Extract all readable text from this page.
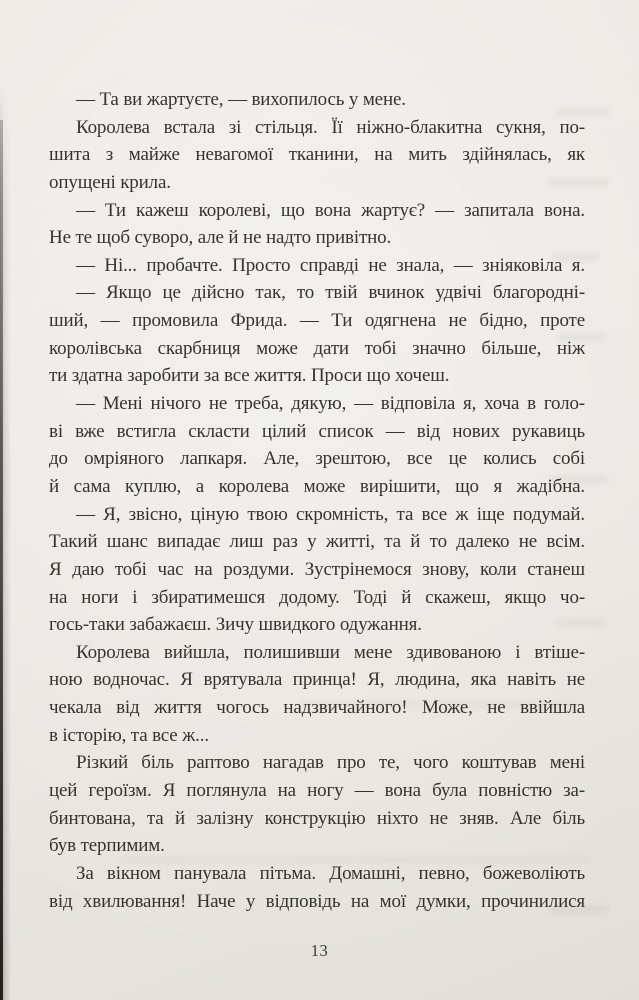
— Та ви жартуєте, — вихопилось у мене.
Королева встала зі стільця. Її ніжно-блакитна сукня, по-
шита з майже невагомої тканини, на мить здійнялась, як
опущені крила.
— Ти кажеш королеві, що вона жартує? — запитала вона.
Не те щоб суворо, але й не надто привітно.
— Ні... пробачте. Просто справді не знала, — зніяковіла я.
— Якщо це дійсно так, то твій вчинок удвічі благородні-
ший, — промовила Фрида. — Ти одягнена не бідно, проте
королівська скарбниця може дати тобі значно більше, ніж
ти здатна заробити за все життя. Проси що хочеш.
— Мені нічого не треба, дякую, — відповіла я, хоча в голо-
ві вже встигла скласти цілий список — від нових рукавиць
до омріяного лапкаря. Але, зрештою, все це колись собі
й сама куплю, а королева може вирішити, що я жадібна.
— Я, звісно, ціную твою скромність, та все ж іще подумай.
Такий шанс випадає лиш раз у житті, та й то далеко не всім.
Я даю тобі час на роздуми. Зустрінемося знову, коли станеш
на ноги і збиратимешся додому. Тоді й скажеш, якщо чо-
гось-таки забажаєш. Зичу швидкого одужання.
Королева вийшла, полишивши мене здивованою і втіше-
ною водночас. Я врятувала принца! Я, людина, яка навіть не
чекала від життя чогось надзвичайного! Може, не ввійшла
в історію, та все ж...
Різкий біль раптово нагадав про те, чого коштував мені
цей героїзм. Я поглянула на ногу — вона була повністю за-
бинтована, та й залізну конструкцію ніхто не зняв. Але біль
був терпимим.
За вікном панувала пітьма. Домашні, певно, божеволіють
від хвилювання! Наче у відповідь на мої думки, прочинилися
13
